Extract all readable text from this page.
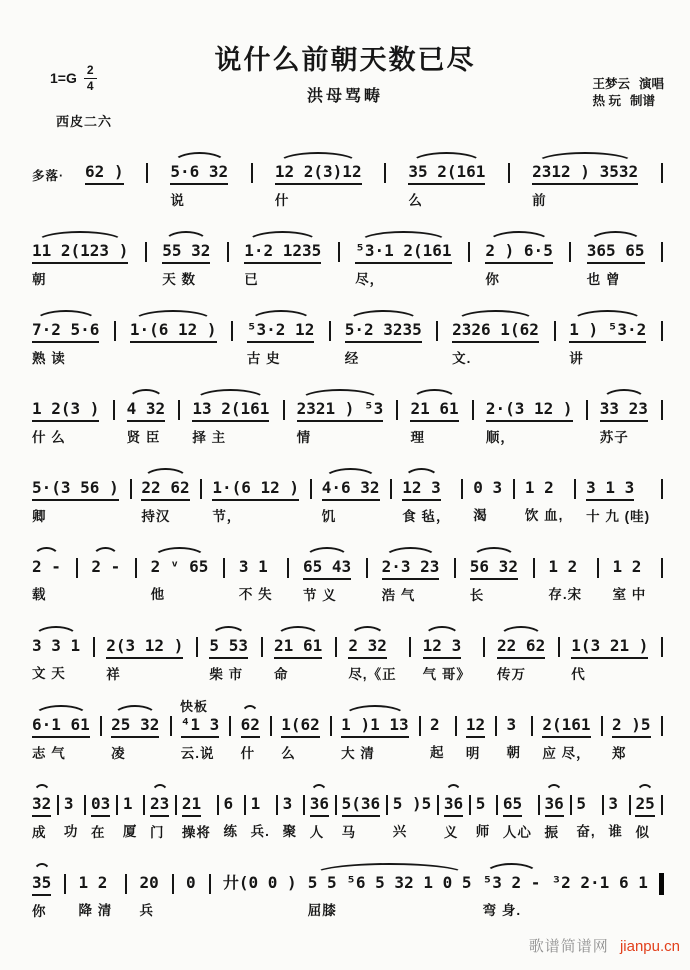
说什么前朝天数已尽
$1=G \frac{2}{4}$	王梦云 演唱
热 玩 制谱
洪母骂畴
西皮二六
多落· 62 )	5·6 32
说
12 2(3)12
什
35 2(161
么
2312 ) 3532
前
11 2(123 )
朝
55 32
天 数
1·2 1235
已
⁵3·1 2(161
尽，
2 ) 6·5
你
365 65
也 曾
7·2 5·6
熟 读
1·(6 12 ) ⁵3·2 12
古 史
5·2 3235
经
2326 1(62
文.
1 ) ⁵3·2
讲
1 2(3 )
什 么
4 32
贤 臣
13 2(161
择 主
2321 ) ⁵3
情
21 61
理
2·(3 12 )
顺，
33 23
苏子
5·(3 56 )
卿
22 62
持汉
1·(6 12 )
节，
4·6 32
饥
12 3
食 毡，
0 3
渴
1 2
饮 血,
3 1 3
十 九 (哇)
2 -
载
2 - 2 ᵛ 65
他
3 1
不 失
65 43
节 义
2·3 23
浩 气
56 32
长
1 2
存.宋
1 2
室 中
3 3 1
文 天
2(3 12 )
祥
5 53
柴 市
21 61
命
2 32
尽,《正
12 3
气 哥》
22 62
传万
1(3 21 )
代
快板
6·1 61
志 气
25 32
凌
⁴1 3
云.说
62
什
1(62
么
1 )1 13
大 清
2
起
12
明
3
朝
2(161
应 尽，
2 )5
郑
32
成
3
功
03
在
1
厦
23
门
21
操将
6
练
1
兵.
3
聚
36
人
5(36
马
5 )5
兴
36
义
5
师
65
人心
36
振
5
奋,
3
谁
25
似
35
你
1 2
降 清
20
兵
0 廾(0 0 ) 5 5 ⁵6 5 32 1 0 5
屈膝
⁵3 2 -
弯 身.
³2 2·1 6 1
歌谱简谱网 jianpu.cn
